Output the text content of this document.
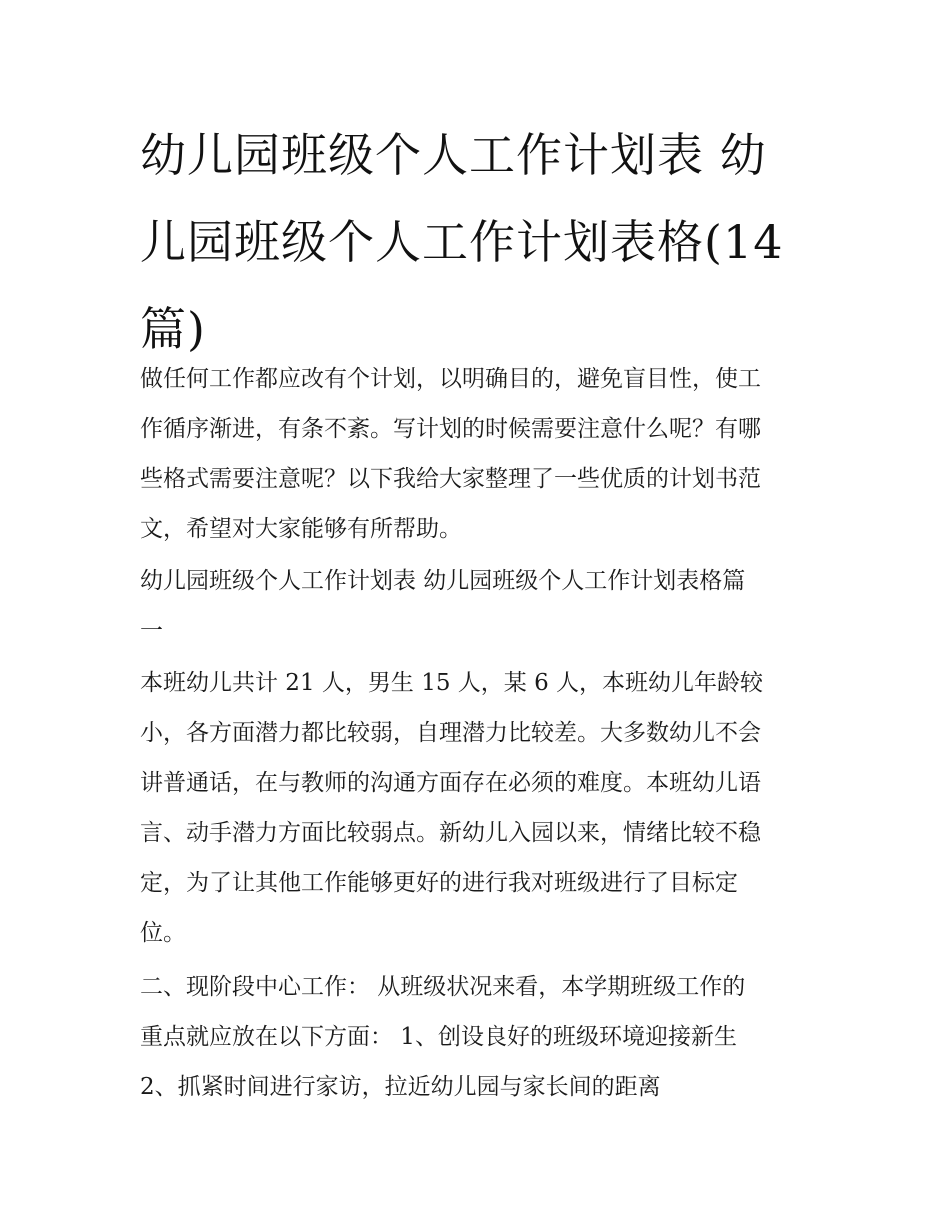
幼儿园班级个人工作计划表 幼
儿园班级个人工作计划表格(14
篇)

做任何工作都应改有个计划，以明确目的，避免盲目性，使工

作循序渐进，有条不紊。写计划的时候需要注意什么呢？有哪

些格式需要注意呢？以下我给大家整理了一些优质的计划书范

文，希望对大家能够有所帮助。

幼儿园班级个人工作计划表 幼儿园班级个人工作计划表格篇

一

本班幼儿共计 21 人，男生 15 人，某 6 人，本班幼儿年龄较

小，各方面潜力都比较弱，自理潜力比较差。大多数幼儿不会

讲普通话，在与教师的沟通方面存在必须的难度。本班幼儿语

言、动手潜力方面比较弱点。新幼儿入园以来，情绪比较不稳

定，为了让其他工作能够更好的进行我对班级进行了目标定

位。

二、现阶段中心工作： 从班级状况来看，本学期班级工作的

重点就应放在以下方面： 1、创设良好的班级环境迎接新生

2、抓紧时间进行家访，拉近幼儿园与家长间的距离
